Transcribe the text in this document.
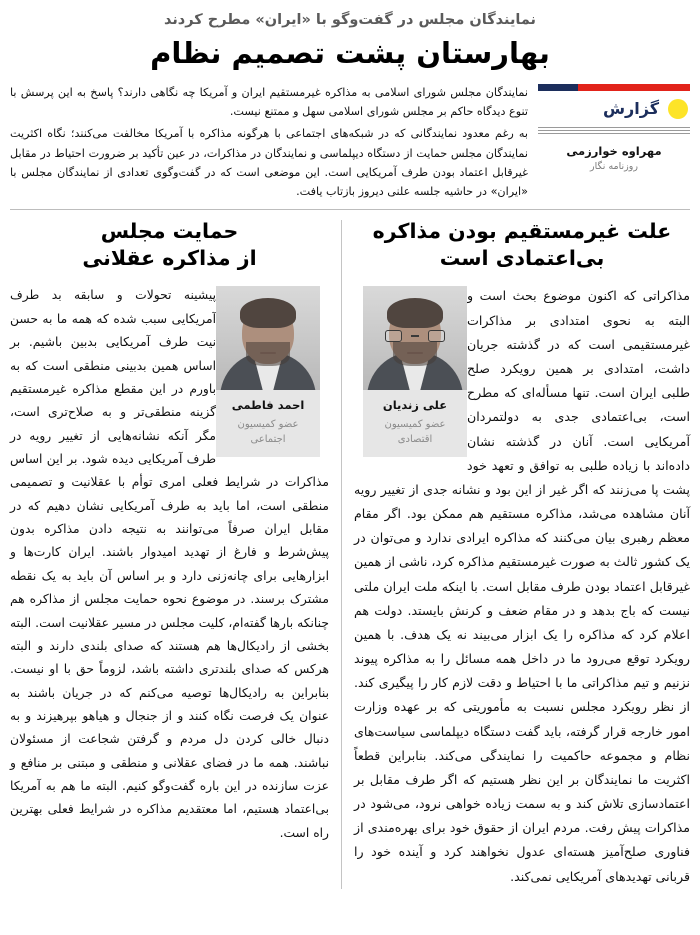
نمایندگان مجلس در گفت‌وگو با «ایران» مطرح کردند
بهارستان پشت تصمیم نظام
گزارش
مهراوه خوارزمی
روزنامه نگار

نمایندگان مجلس شورای اسلامی به مذاکره غیرمستقیم ایران و آمریکا چه نگاهی دارند؟ پاسخ به این پرسش با تنوع دیدگاه حاکم بر مجلس شورای اسلامی سهل و ممتنع نیست.

به رغم معدود نمایندگانی که در شبکه‌های اجتماعی با هرگونه مذاکره با آمریکا مخالفت می‌کنند؛ نگاه اکثریت نمایندگان مجلس حمایت از دستگاه دیپلماسی و نمایندگان در مذاکرات، در عین تأکید بر ضرورت احتیاط در مقابل غیرقابل اعتماد بودن طرف آمریکایی است. این موضعی است که در گفت‌وگوی تعدادی از نمایندگان مجلس با «ایران» در حاشیه جلسه علنی دیروز بازتاب یافت.

علت غیرمستقیم بودن مذاکره
بی‌اعتمادی است
علی زندیان
عضو کمیسیون
اقتصادی

مذاکراتی که اکنون موضوع بحث است و البته به نحوی امتدادی بر مذاکرات غیرمستقیمی است که در گذشته جریان داشت، امتدادی بر همین رویکرد صلح طلبی ایران است. تنها مسأله‌ای که مطرح است، بی‌اعتمادی جدی به دولتمردان آمریکایی است. آنان در گذشته نشان داده‌اند با زیاده طلبی به توافق و تعهد خود پشت پا می‌زنند که اگر غیر از این بود و نشانه جدی از تغییر رویه آنان مشاهده می‌شد، مذاکره مستقیم هم ممکن بود. اگر مقام معظم رهبری بیان می‌کنند که مذاکره ایرادی ندارد و می‌توان در یک کشور ثالث به صورت غیرمستقیم مذاکره کرد، ناشی از همین غیرقابل اعتماد بودن طرف مقابل است. با اینکه ملت ایران ملتی نیست که باج بدهد و در مقام ضعف و کرنش بایستد. دولت هم اعلام کرد که مذاکره را یک ابزار می‌بیند نه یک هدف. با همین رویکرد توقع می‌رود ما در داخل همه مسائل را به مذاکره پیوند نزنیم و تیم مذاکراتی ما با احتیاط و دقت لازم کار را پیگیری کند. از نظر رویکرد مجلس نسبت به مأموریتی که بر عهده وزارت امور خارجه قرار گرفته، باید گفت دستگاه دیپلماسی سیاست‌های نظام و مجموعه حاکمیت را نمایندگی می‌کند. بنابراین قطعاً اکثریت ما نمایندگان بر این نظر هستیم که اگر طرف مقابل بر اعتمادسازی تلاش کند و به سمت زیاده خواهی نرود، می‌شود در مذاکرات پیش رفت. مردم ایران از حقوق خود برای بهره‌مندی از فناوری صلح‌آمیز هسته‌ای عدول نخواهند کرد و آینده خود را قربانی تهدیدهای آمریکایی نمی‌کند.

حمایت مجلس
از مذاکره عقلانی
احمد فاطمی
عضو کمیسیون
اجتماعی

پیشینه تحولات و سابقه بد طرف آمریکایی سبب شده که همه ما به حسن نیت طرف آمریکایی بدبین باشیم. بر اساس همین بدبینی منطقی است که به باورم در این مقطع مذاکره غیرمستقیم گزینه منطقی‌تر و به صلاح‌تری است، مگر آنکه نشانه‌هایی از تغییر رویه در طرف آمریکایی دیده شود. بر این اساس مذاکرات در شرایط فعلی امری توأم با عقلانیت و تصمیمی منطقی است، اما باید به طرف آمریکایی نشان دهیم که در مقابل ایران صرفاً می‌توانند به نتیجه دادن مذاکره بدون پیش‌شرط و فارغ از تهدید امیدوار باشند. ایران کارت‌ها و ابزارهایی برای چانه‌زنی دارد و بر اساس آن باید به یک نقطه مشترک برسند. در موضوع نحوه حمایت مجلس از مذاکره هم چنانکه بارها گفته‌ام، کلیت مجلس در مسیر عقلانیت است. البته بخشی از رادیکال‌ها هم هستند که صدای بلندی دارند و البته هرکس که صدای بلندتری داشته باشد، لزوماً حق با او نیست. بنابراین به رادیکال‌ها توصیه می‌کنم که در جریان باشند به عنوان یک فرصت نگاه کنند و از جنجال و هیاهو بپرهیزند و به دنبال خالی کردن دل مردم و گرفتن شجاعت از مسئولان نباشند. همه ما در فضای عقلانی و منطقی و مبتنی بر منافع و عزت سازنده در این باره گفت‌وگو کنیم. البته ما هم به آمریکا بی‌اعتماد هستیم، اما معتقدیم مذاکره در شرایط فعلی بهترین راه است.
